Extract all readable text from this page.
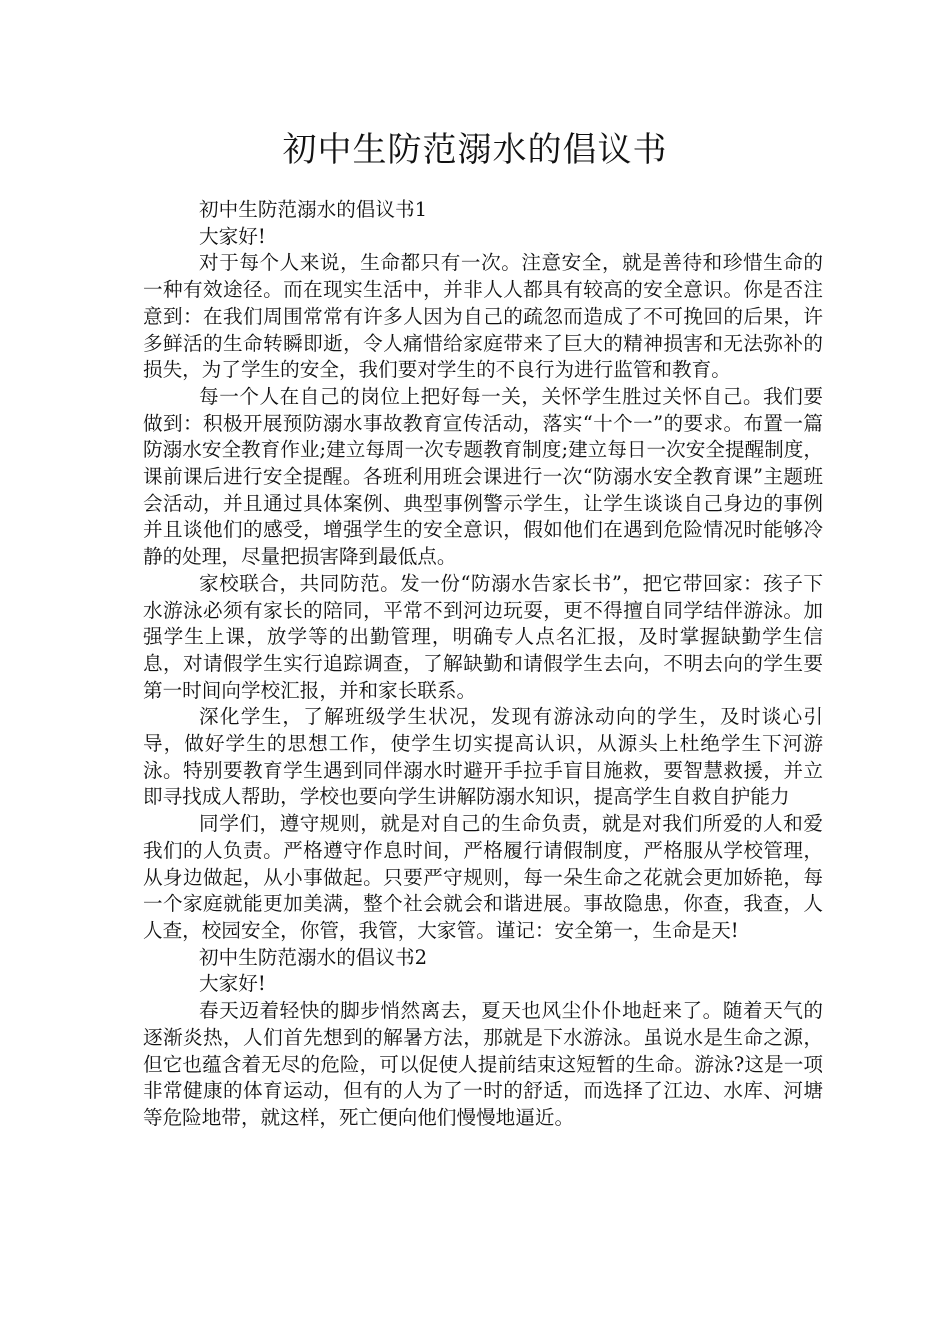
初中生防范溺水的倡议书

初中生防范溺水的倡议书1

大家好!

对于每个人来说，生命都只有一次。注意安全，就是善待和珍惜生命的一种有效途径。而在现实生活中，并非人人都具有较高的安全意识。你是否注意到：在我们周围常常有许多人因为自己的疏忽而造成了不可挽回的后果，许多鲜活的生命转瞬即逝，令人痛惜给家庭带来了巨大的精神损害和无法弥补的损失，为了学生的安全，我们要对学生的不良行为进行监管和教育。

每一个人在自己的岗位上把好每一关，关怀学生胜过关怀自己。我们要做到：积极开展预防溺水事故教育宣传活动，落实“十个一”的要求。布置一篇防溺水安全教育作业;建立每周一次专题教育制度;建立每日一次安全提醒制度，课前课后进行安全提醒。各班利用班会课进行一次“防溺水安全教育课”主题班会活动，并且通过具体案例、典型事例警示学生，让学生谈谈自己身边的事例并且谈他们的感受，增强学生的安全意识，假如他们在遇到危险情况时能够冷静的处理，尽量把损害降到最低点。

家校联合，共同防范。发一份“防溺水告家长书”，把它带回家：孩子下水游泳必须有家长的陪同，平常不到河边玩耍，更不得擅自同学结伴游泳。加强学生上课，放学等的出勤管理，明确专人点名汇报，及时掌握缺勤学生信息，对请假学生实行追踪调查，了解缺勤和请假学生去向，不明去向的学生要第一时间向学校汇报，并和家长联系。

深化学生，了解班级学生状况，发现有游泳动向的学生，及时谈心引导，做好学生的思想工作，使学生切实提高认识，从源头上杜绝学生下河游泳。特别要教育学生遇到同伴溺水时避开手拉手盲目施救，要智慧救援，并立即寻找成人帮助，学校也要向学生讲解防溺水知识，提高学生自救自护能力

同学们，遵守规则，就是对自己的生命负责，就是对我们所爱的人和爱我们的人负责。严格遵守作息时间，严格履行请假制度，严格服从学校管理，从身边做起，从小事做起。只要严守规则，每一朵生命之花就会更加娇艳，每一个家庭就能更加美满，整个社会就会和谐进展。事故隐患，你查，我查，人人查，校园安全，你管，我管，大家管。谨记：安全第一，生命是天!

初中生防范溺水的倡议书2

大家好!

春天迈着轻快的脚步悄然离去，夏天也风尘仆仆地赶来了。随着天气的逐渐炎热，人们首先想到的解暑方法，那就是下水游泳。虽说水是生命之源，但它也蕴含着无尽的危险，可以促使人提前结束这短暂的生命。游泳?这是一项非常健康的体育运动，但有的人为了一时的舒适，而选择了江边、水库、河塘等危险地带，就这样，死亡便向他们慢慢地逼近。
